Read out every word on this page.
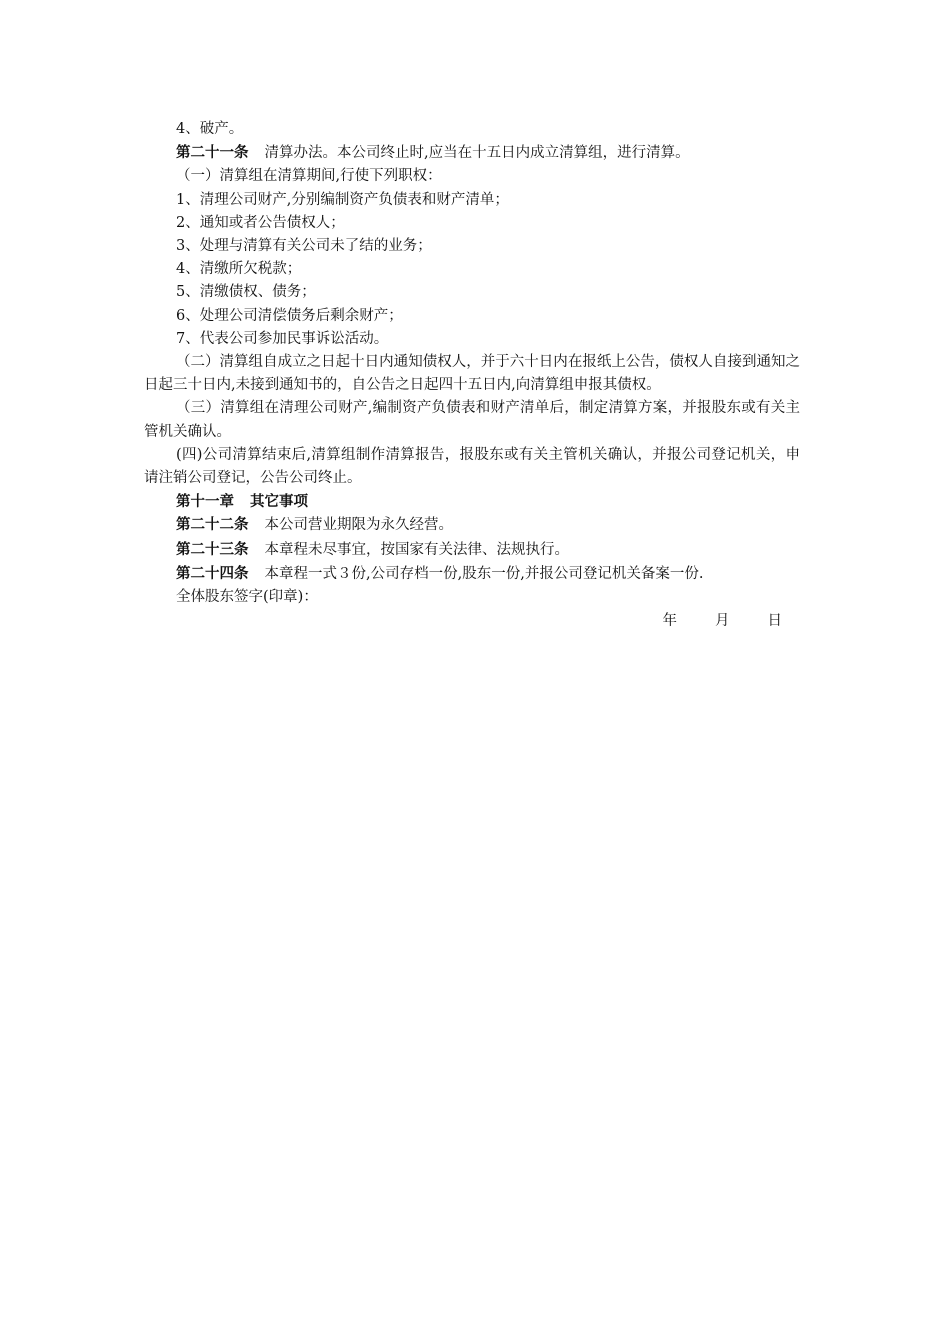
4、破产。

第二十一条 清算办法。本公司终止时,应当在十五日内成立清算组，进行清算。

（一）清算组在清算期间,行使下列职权：

1、清理公司财产,分别编制资产负债表和财产清单；

2、通知或者公告债权人；

3、处理与清算有关公司未了结的业务；

4、清缴所欠税款；

5、清缴债权、债务；

6、处理公司清偿债务后剩余财产；

7、代表公司参加民事诉讼活动。

（二）清算组自成立之日起十日内通知债权人，并于六十日内在报纸上公告，债权人自接到通知之日起三十日内,未接到通知书的，自公告之日起四十五日内,向清算组申报其债权。

（三）清算组在清理公司财产,编制资产负债表和财产清单后，制定清算方案，并报股东或有关主管机关确认。

(四)公司清算结束后,清算组制作清算报告，报股东或有关主管机关确认，并报公司登记机关，申请注销公司登记，公告公司终止。

第十一章 其它事项

第二十二条 本公司营业期限为永久经营。

第二十三条 本章程未尽事宜，按国家有关法律、法规执行。

第二十四条 本章程一式３份,公司存档一份,股东一份,并报公司登记机关备案一份.

全体股东签字(印章)：

年	月	日
